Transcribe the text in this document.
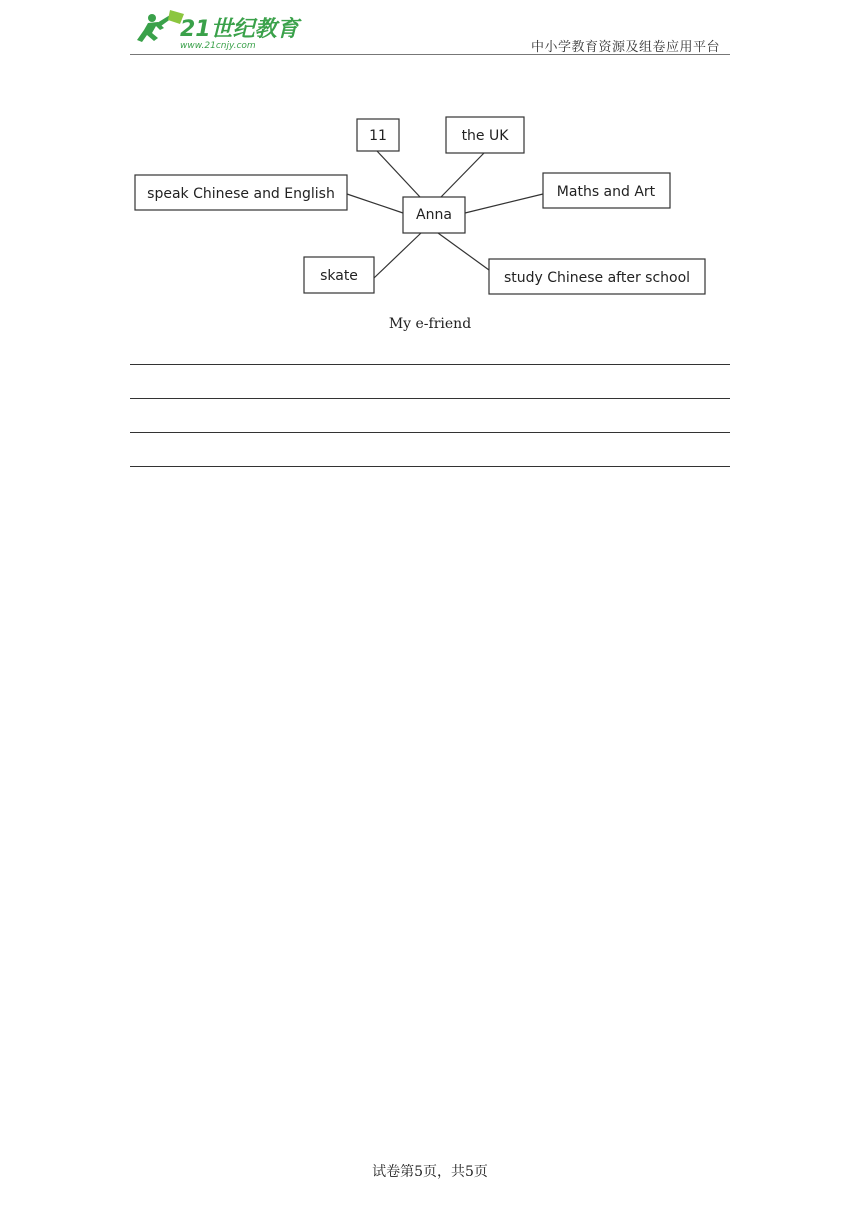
21世纪教育
www.21cnjy.com	中小学教育资源及组卷应用平台
Anna
11	the UK
speak Chinese and English	Maths and Art
skate	study Chinese after school
My e-friend
试卷第5页，共5页
